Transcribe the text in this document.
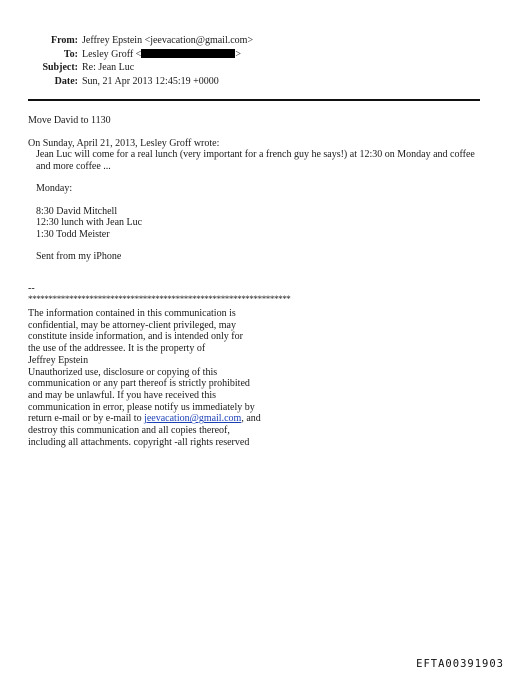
From: Jeffrey Epstein <jeevacation@gmail.com>
To: Lesley Groff <	>
Subject: Re: Jean Luc
Date: Sun, 21 Apr 2013 12:45:19 +0000
Move David to 1130
On Sunday, April 21, 2013, Lesley Groff wrote:
Jean Luc will come for a real lunch (very important for a french guy he says!) at 12:30 on Monday and coffee
and more coffee ...
Monday:
8:30 David Mitchell
12:30 lunch with Jean Luc
1:30 Todd Meister
Sent from my iPhone
--
****************************************************************
The information contained in this communication is
confidential, may be attorney-client privileged, may
constitute inside information, and is intended only for
the use of the addressee. It is the property of
Jeffrey Epstein
Unauthorized use, disclosure or copying of this
communication or any part thereof is strictly prohibited
and may be unlawful. If you have received this
communication in error, please notify us immediately by
return e-mail or by e-mail to jeevacation@gmail.com, and
destroy this communication and all copies thereof,
including all attachments. copyright -all rights reserved
EFTA00391903
